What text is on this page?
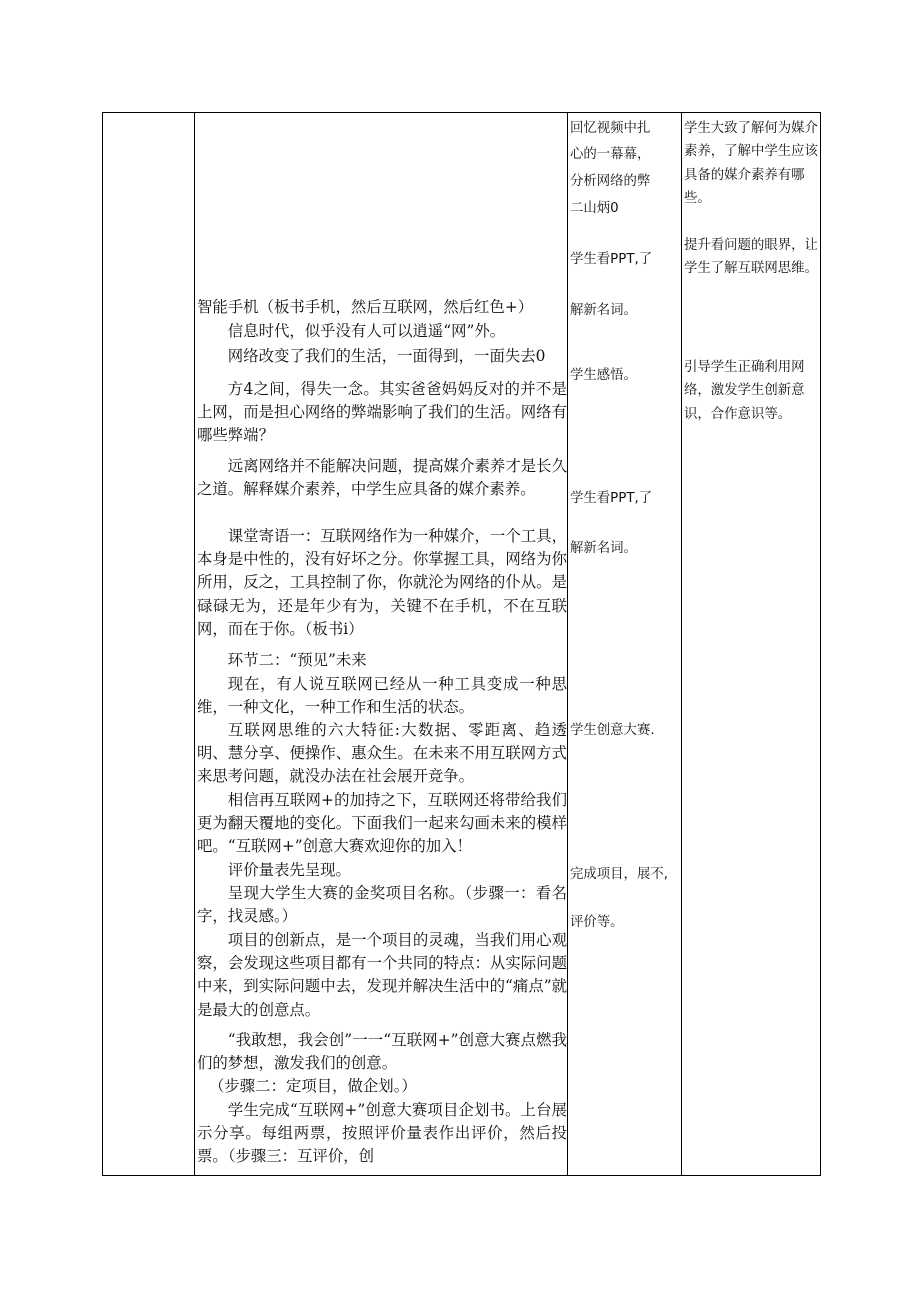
智能手机（板书手机，然后互联网，然后红色+）

信息时代，似乎没有人可以逍遥“网”外。

网络改变了我们的生活，一面得到，一面失去0

方4之间，得失一念。其实爸爸妈妈反对的并不是上网，而是担心网络的弊端影响了我们的生活。网络有哪些弊端？

远离网络并不能解决问题，提高媒介素养才是长久之道。解释媒介素养，中学生应具备的媒介素养。

课堂寄语一：互联网络作为一种媒介，一个工具，本身是中性的，没有好坏之分。你掌握工具，网络为你所用，反之，工具控制了你，你就沦为网络的仆从。是碌碌无为，还是年少有为，关键不在手机，不在互联网，而在于你。（板书i）

环节二：“预见”未来

现在，有人说互联网已经从一种工具变成一种思维，一种文化，一种工作和生活的状态。

互联网思维的六大特征:大数据、零距离、趋透明、慧分享、便操作、惠众生。在未来不用互联网方式来思考问题，就没办法在社会展开竞争。

相信再互联网+的加持之下，互联网还将带给我们更为翻天覆地的变化。下面我们一起来勾画未来的模样吧。“互联网+”创意大赛欢迎你的加入！

评价量表先呈现。

呈现大学生大赛的金奖项目名称。（步骤一：看名字，找灵感。）

项目的创新点，是一个项目的灵魂，当我们用心观察，会发现这些项目都有一个共同的特点：从实际问题中来，到实际问题中去，发现并解决生活中的“痛点”就是最大的创意点。

“我敢想，我会创”一一“互联网+”创意大赛点燃我们的梦想，激发我们的创意。

（步骤二：定项目，做企划。）

学生完成“互联网+”创意大赛项目企划书。上台展示分享。每组两票，按照评价量表作出评价，然后投票。（步骤三：互评价，创

回忆视频中扎

心的一幕幕，

分析网络的弊

二山炳0

学生看PPT,了

解新名词。

学生感悟。

学生看PPT,了

解新名词。

学生创意大赛.

完成项目，展不,

评价等。

学生大致了解何为媒介素养，了解中学生应该具备的媒介素养有哪些。

提升看问题的眼界，让学生了解互联网思维。

引导学生正确利用网络，激发学生创新意识，合作意识等。
